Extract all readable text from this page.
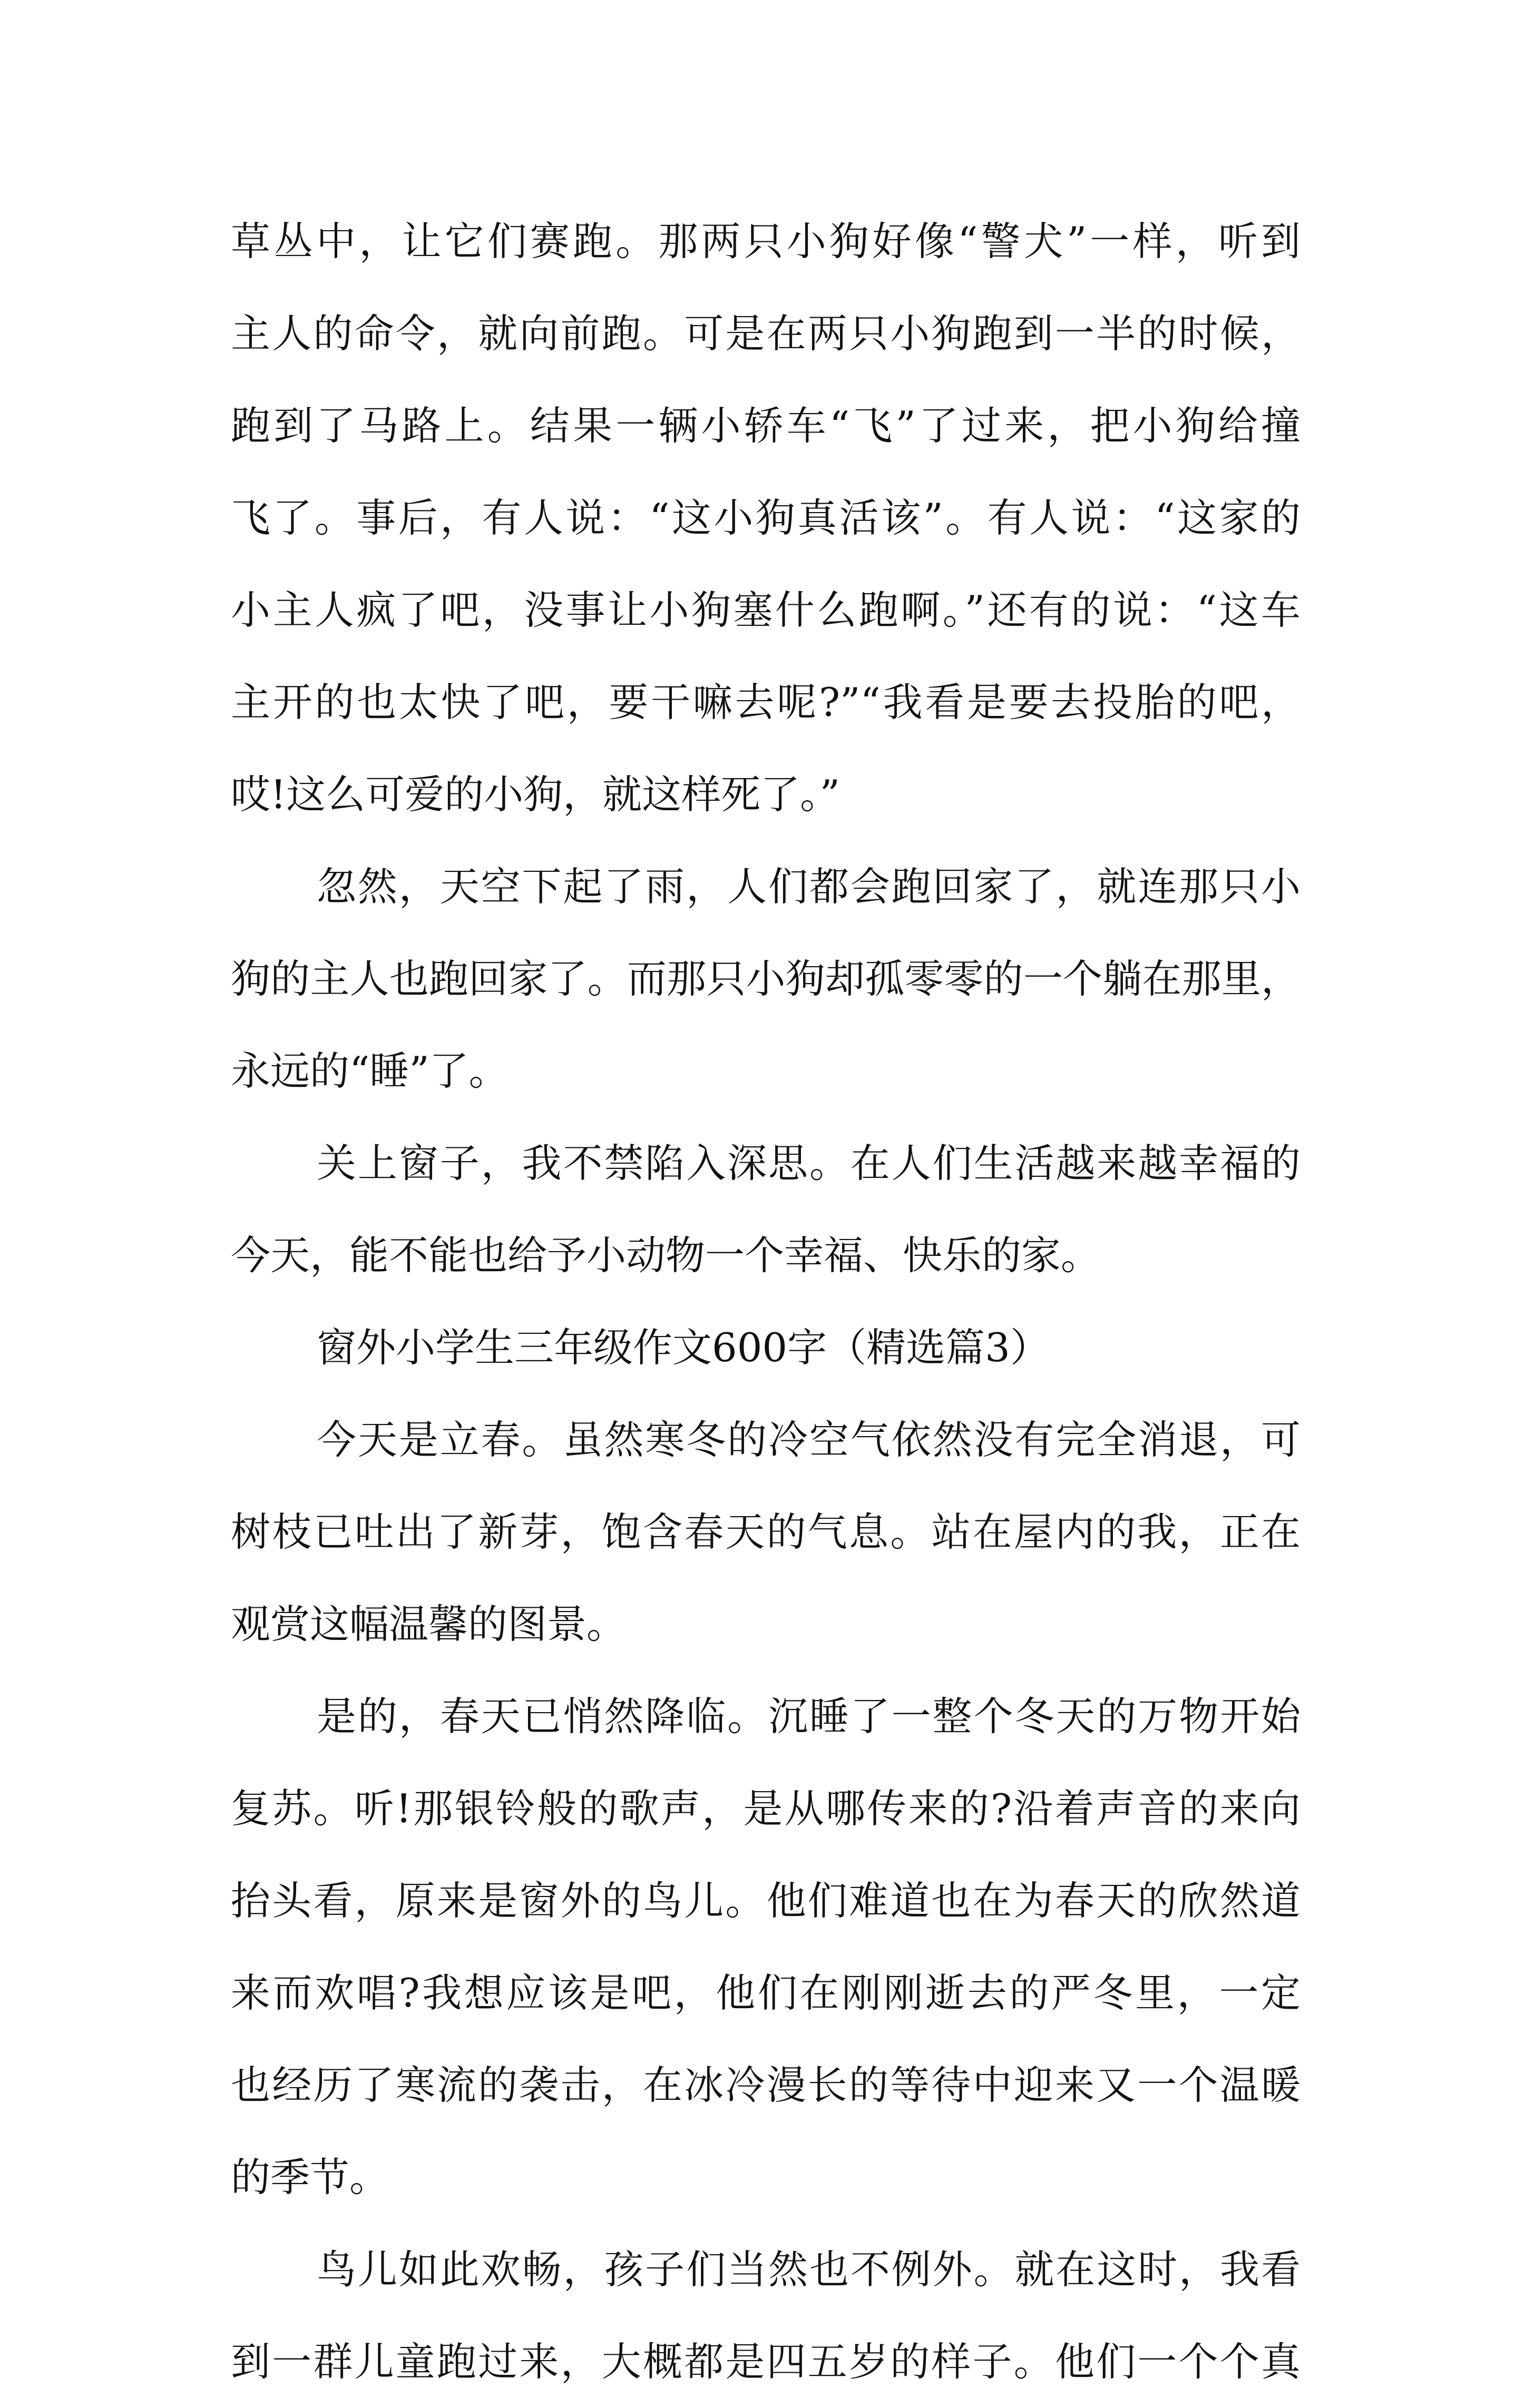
草丛中，让它们赛跑。那两只小狗好像“警犬”一样，听到
主人的命令，就向前跑。可是在两只小狗跑到一半的时候，
跑到了马路上。结果一辆小轿车“飞”了过来，把小狗给撞
飞了。事后，有人说：“这小狗真活该”。有人说：“这家的
小主人疯了吧，没事让小狗塞什么跑啊。”还有的说：“这车
主开的也太快了吧，要干嘛去呢?”“我看是要去投胎的吧，
哎!这么可爱的小狗，就这样死了。”
忽然，天空下起了雨，人们都会跑回家了，就连那只小
狗的主人也跑回家了。而那只小狗却孤零零的一个躺在那里，
永远的“睡”了。
关上窗子，我不禁陷入深思。在人们生活越来越幸福的
今天，能不能也给予小动物一个幸福、快乐的家。
窗外小学生三年级作文600字（精选篇3）
今天是立春。虽然寒冬的冷空气依然没有完全消退，可
树枝已吐出了新芽，饱含春天的气息。站在屋内的我，正在
观赏这幅温馨的图景。
是的，春天已悄然降临。沉睡了一整个冬天的万物开始
复苏。听!那银铃般的歌声，是从哪传来的?沿着声音的来向
抬头看，原来是窗外的鸟儿。他们难道也在为春天的欣然道
来而欢唱?我想应该是吧，他们在刚刚逝去的严冬里，一定
也经历了寒流的袭击，在冰冷漫长的等待中迎来又一个温暖
的季节。
鸟儿如此欢畅，孩子们当然也不例外。就在这时，我看
到一群儿童跑过来，大概都是四五岁的样子。他们一个个真
